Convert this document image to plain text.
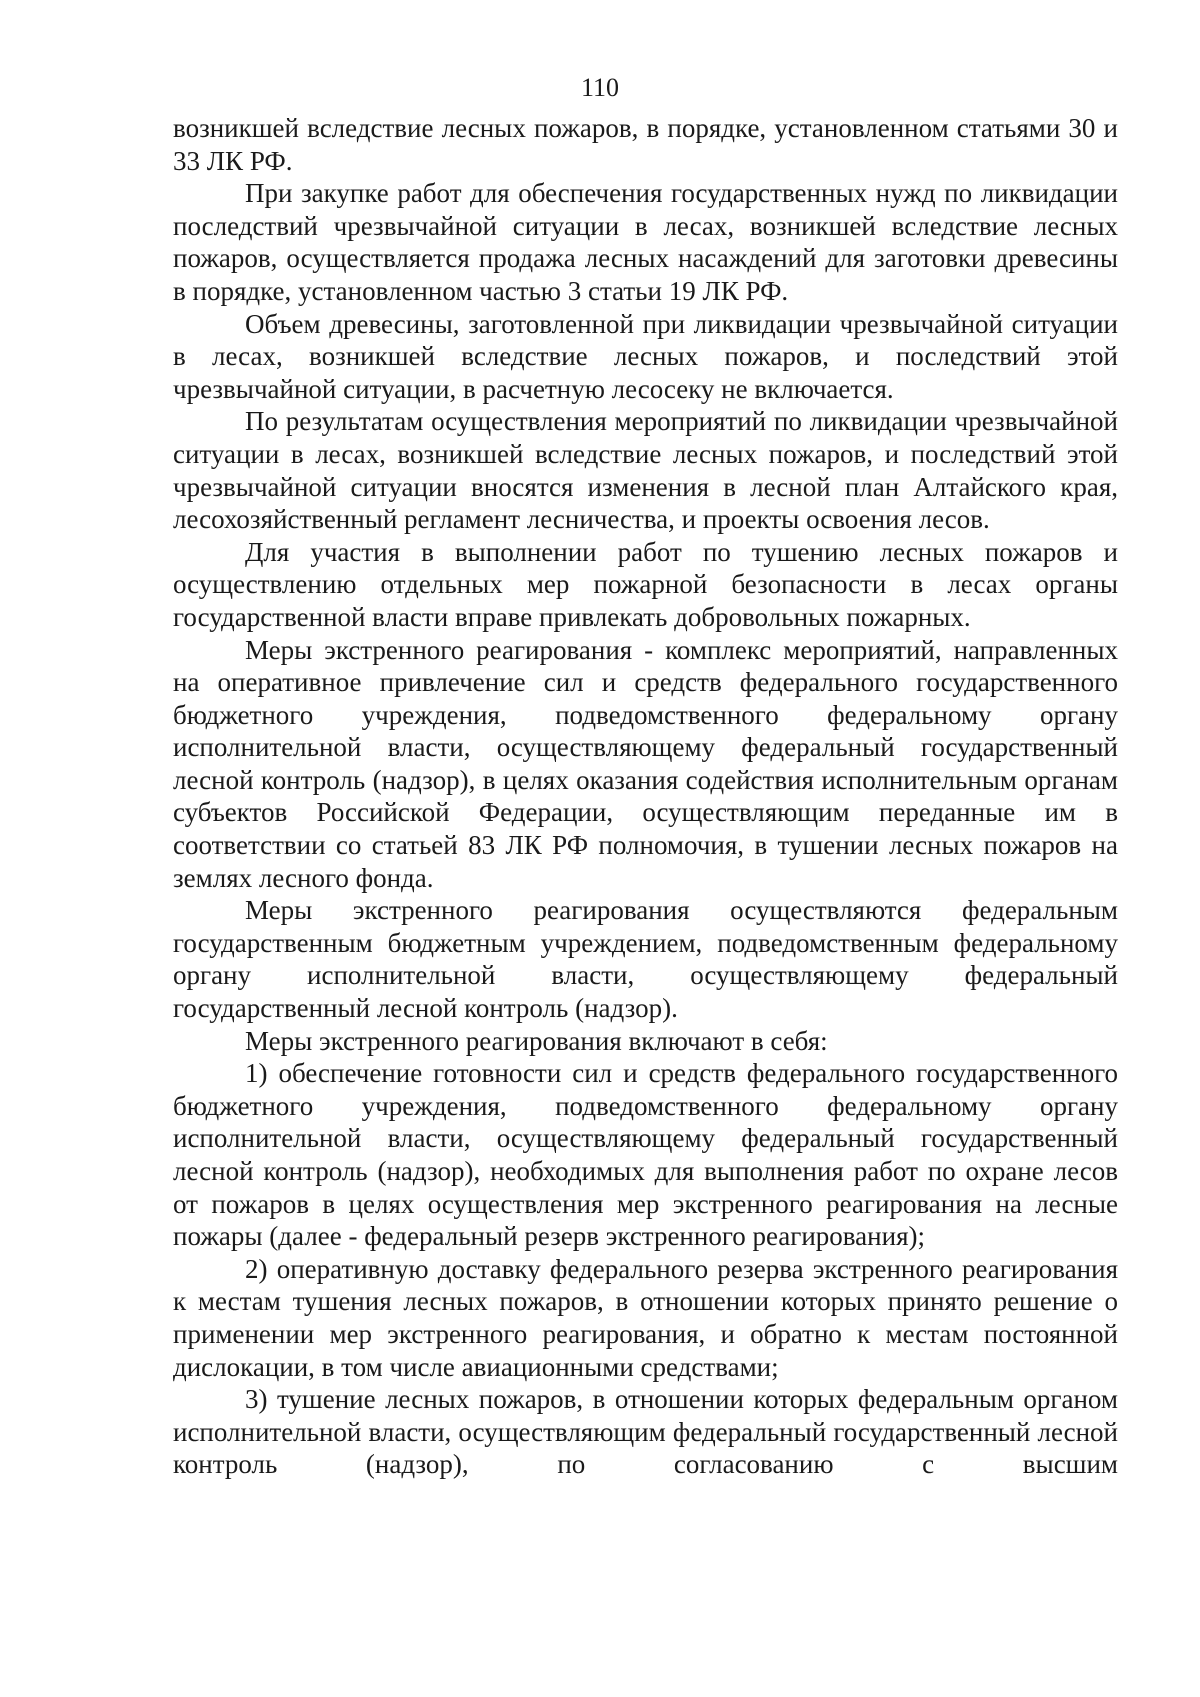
110

возникшей вследствие лесных пожаров, в порядке, установленном статьями 30 и 33 ЛК РФ.

При закупке работ для обеспечения государственных нужд по ликвидации последствий чрезвычайной ситуации в лесах, возникшей вследствие лесных пожаров, осуществляется продажа лесных насаждений для заготовки древесины в порядке, установленном частью 3 статьи 19 ЛК РФ.

Объем древесины, заготовленной при ликвидации чрезвычайной ситуации в лесах, возникшей вследствие лесных пожаров, и последствий этой чрезвычайной ситуации, в расчетную лесосеку не включается.

По результатам осуществления мероприятий по ликвидации чрезвычайной ситуации в лесах, возникшей вследствие лесных пожаров, и последствий этой чрезвычайной ситуации вносятся изменения в лесной план Алтайского края, лесохозяйственный регламент лесничества, и проекты освоения лесов.

Для участия в выполнении работ по тушению лесных пожаров и осуществлению отдельных мер пожарной безопасности в лесах органы государственной власти вправе привлекать добровольных пожарных.

Меры экстренного реагирования - комплекс мероприятий, направленных на оперативное привлечение сил и средств федерального государственного бюджетного учреждения, подведомственного федеральному органу исполнительной власти, осуществляющему федеральный государственный лесной контроль (надзор), в целях оказания содействия исполнительным органам субъектов Российской Федерации, осуществляющим переданные им в соответствии со статьей 83 ЛК РФ полномочия, в тушении лесных пожаров на землях лесного фонда.

Меры экстренного реагирования осуществляются федеральным государственным бюджетным учреждением, подведомственным федеральному органу исполнительной власти, осуществляющему федеральный государственный лесной контроль (надзор).

Меры экстренного реагирования включают в себя:

1) обеспечение готовности сил и средств федерального государственного бюджетного учреждения, подведомственного федеральному органу исполнительной власти, осуществляющему федеральный государственный лесной контроль (надзор), необходимых для выполнения работ по охране лесов от пожаров в целях осуществления мер экстренного реагирования на лесные пожары (далее - федеральный резерв экстренного реагирования);

2) оперативную доставку федерального резерва экстренного реагирования к местам тушения лесных пожаров, в отношении которых принято решение о применении мер экстренного реагирования, и обратно к местам постоянной дислокации, в том числе авиационными средствами;

3) тушение лесных пожаров, в отношении которых федеральным органом исполнительной власти, осуществляющим федеральный государственный лесной контроль (надзор), по согласованию с высшим
